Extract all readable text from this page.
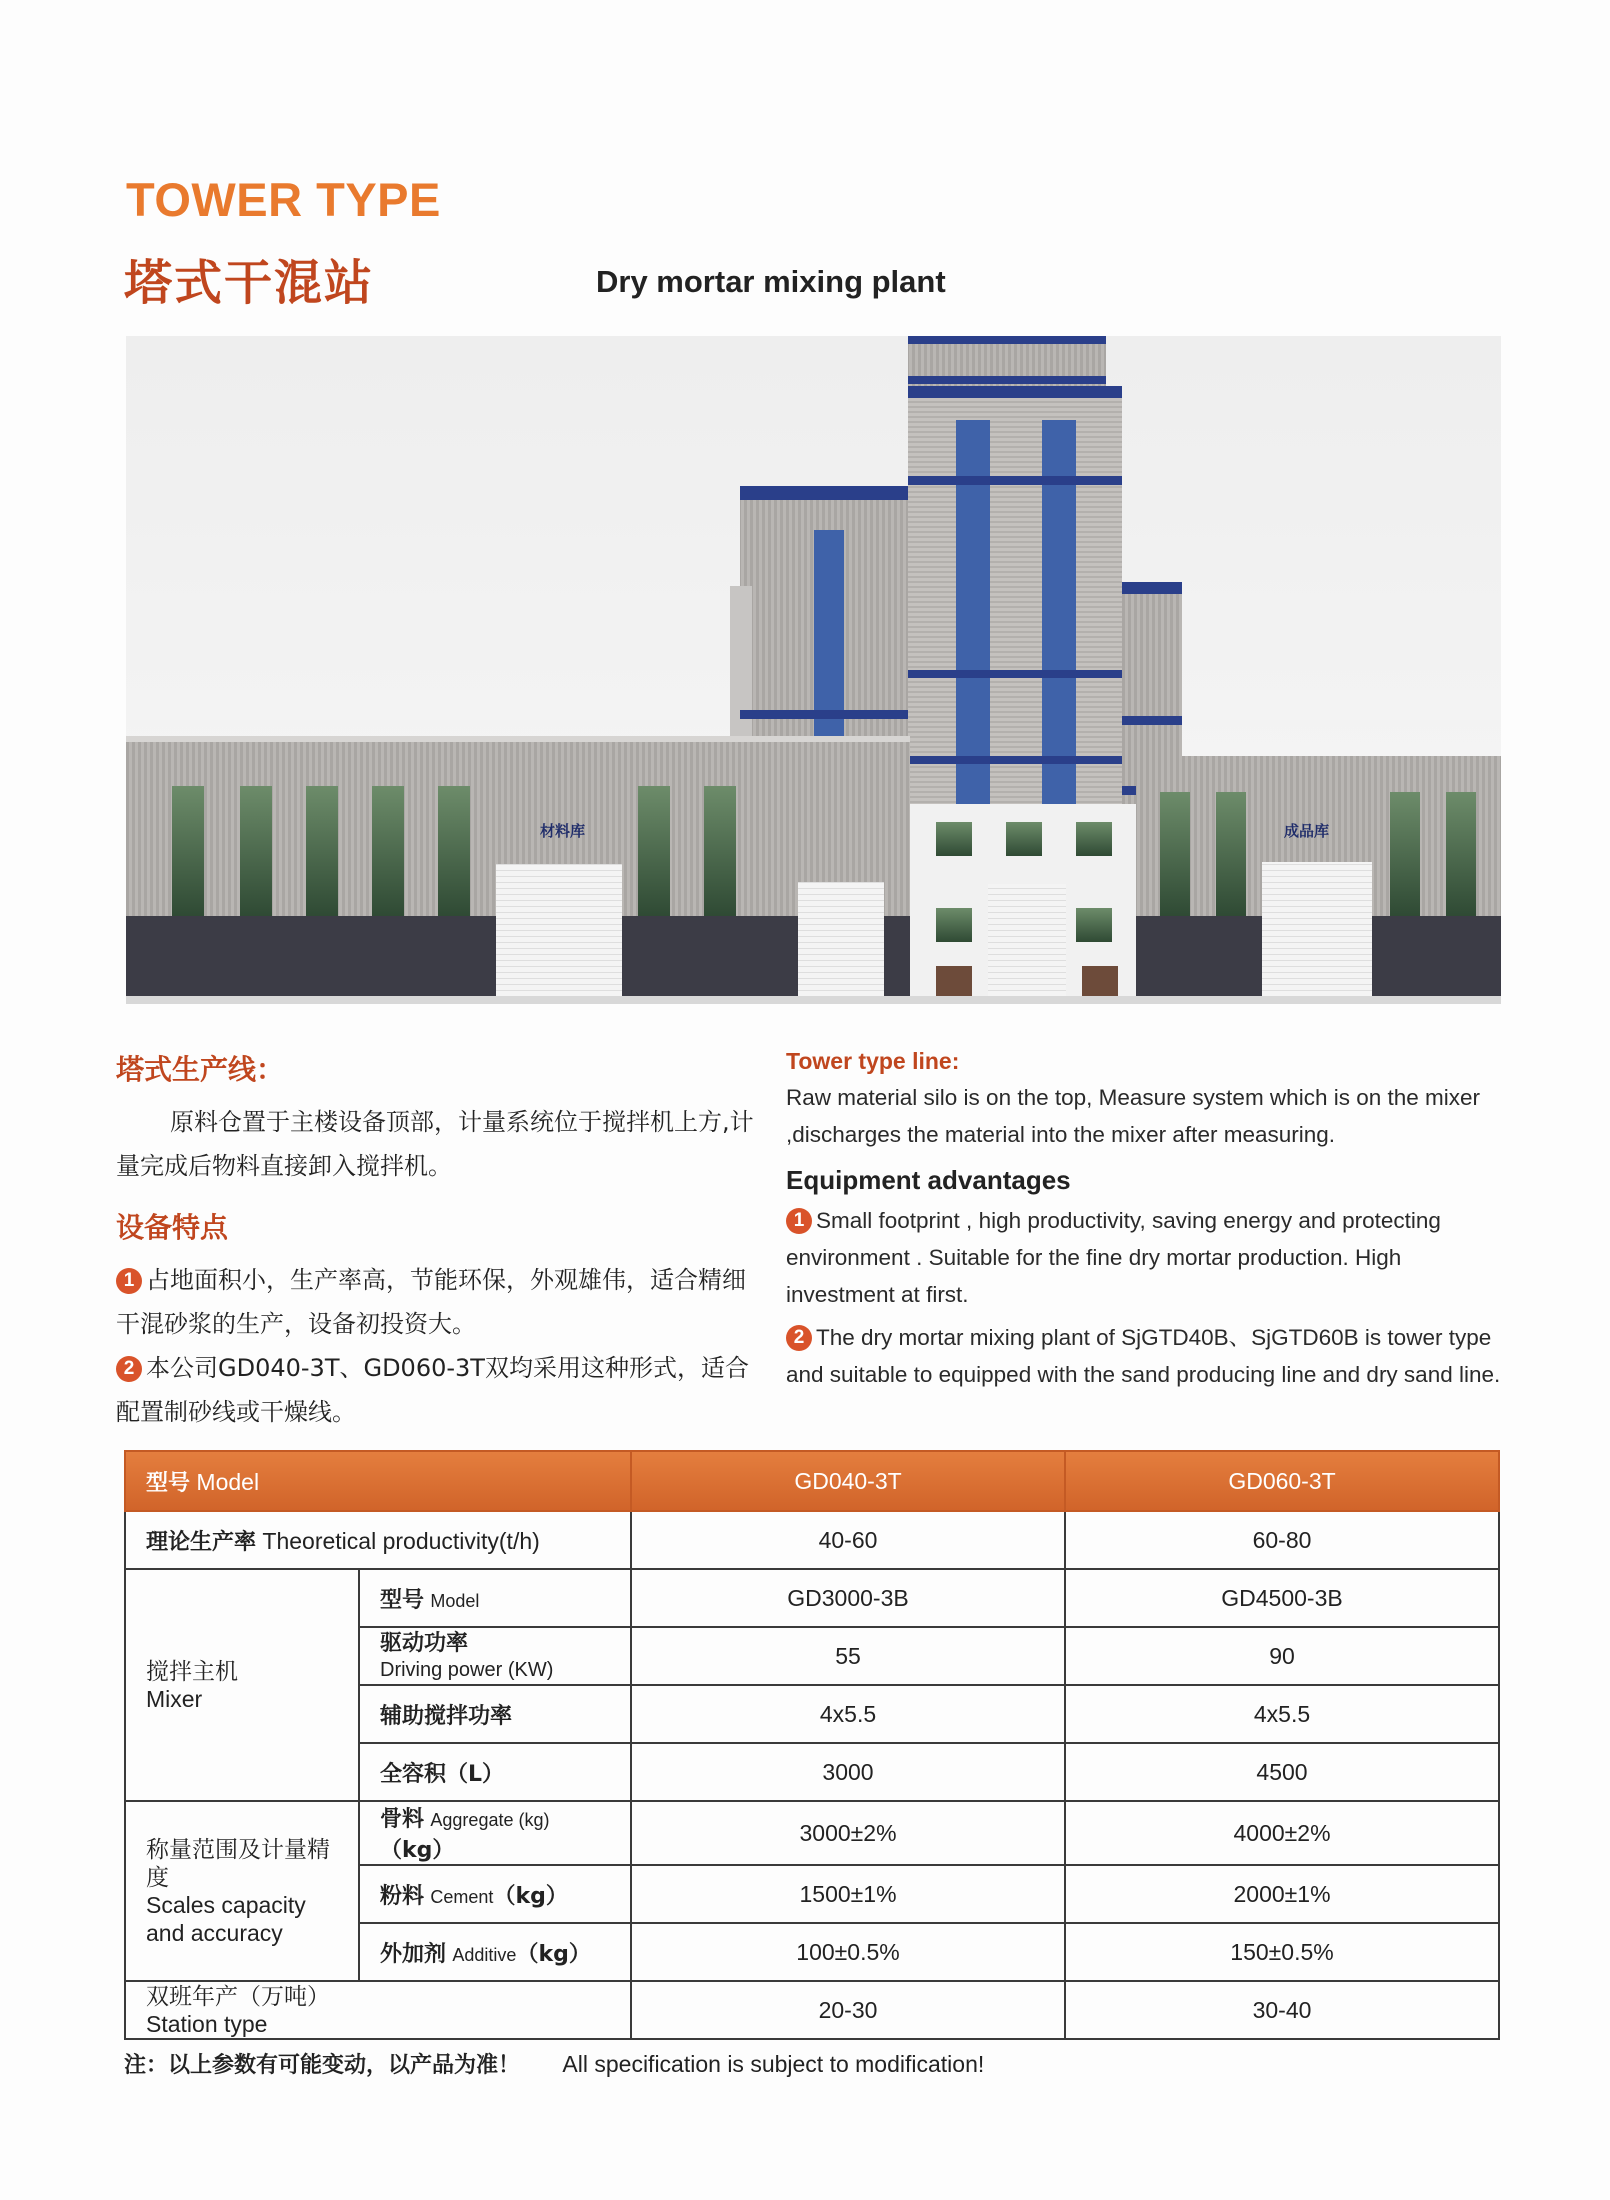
TOWER TYPE
塔式干混站	Dry mortar mixing plant
材料库	成品库
塔式生产线：

原料仓置于主楼设备顶部，计量系统位于搅拌机上方,计量完成后物料直接卸入搅拌机。

设备特点

1 占地面积小，生产率高，节能环保，外观雄伟，适合精细干混砂浆的生产，设备初投资大。

2 本公司GD040-3T、GD060-3T双均采用这种形式，适合配置制砂线或干燥线。

Tower type line:

Raw material silo is on the top, Measure system which is on the mixer ,discharges the material into the mixer after measuring.

Equipment advantages

1 Small footprint , high productivity, saving energy and protecting environment . Suitable for the fine dry mortar production. High investment at first.

2 The dry mortar mixing plant of SjGTD40B、SjGTD60B is tower type and suitable to equipped with the sand producing line and dry sand line.

型号 Model		GD040-3T	GD060-3T
理论生产率 Theoretical productivity(t/h)		40-60	60-80

搅拌主机
Mixer	型号 Model	GD3000-3B	GD4500-3B

	驱动功率
Driving power (KW)	55	90
	辅助搅拌功率	4x5.5	4x5.5
	全容积（L）	3000	4500

称量范围及计量精度
Scales capacity and accuracy	骨料 Aggregate (kg)（kg）	3000±2%	4000±2%
	粉料 Cement（kg）	1500±1%	2000±1%
	外加剂 Additive（kg）	100±0.5%	150±0.5%

双班年产（万吨）
Station type		20-30	30-40
注：以上参数有可能变动，以产品为准！ All specification is subject to modification!
